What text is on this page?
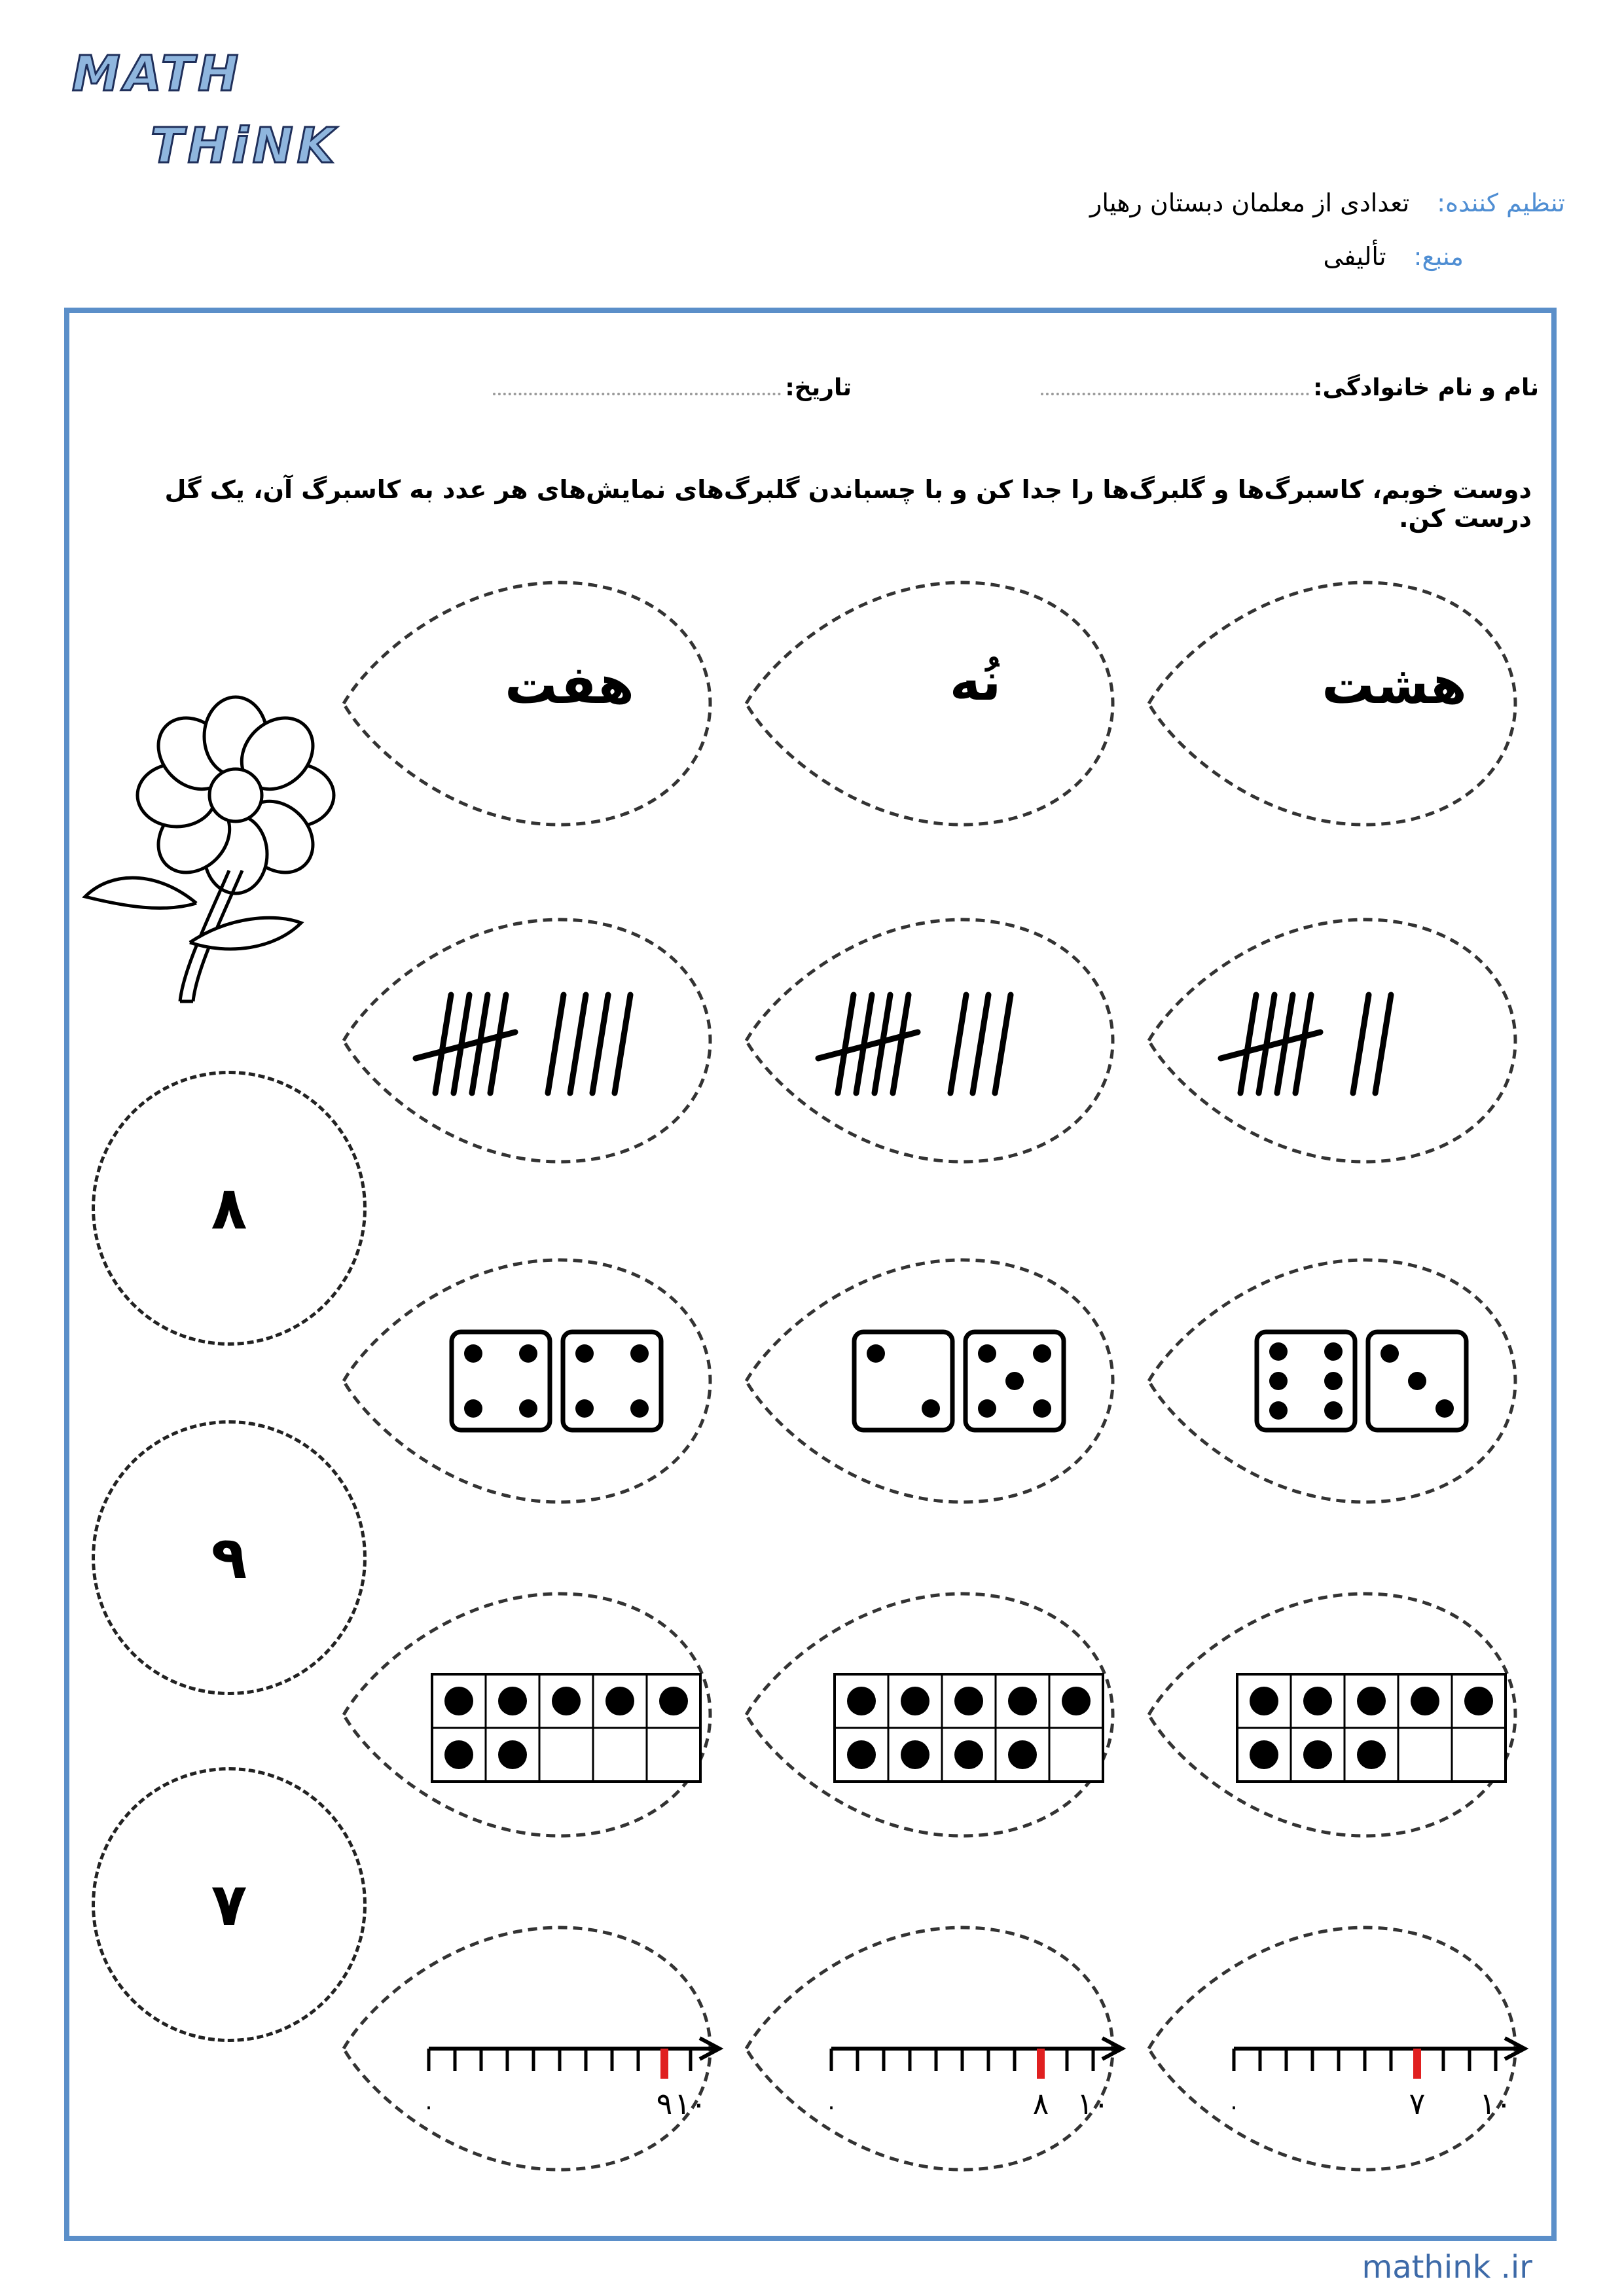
MATH
THiNK
تنظیم کننده: تعدادی از معلمان دبستان رهیار
منبع: تألیفی
نام و نام خانوادگی:
تاریخ:
دوست خوبم، کاسبرگ‌ها و گلبرگ‌ها را جدا کن و با چسباندن گلبرگ‌های نمایش‌های هر عدد به کاسبرگ آن، یک گل درست کن.
۰	۱۰
۷
۰	۱۰
۸
۰	۱۰
۹
هشت
نُه
هفت
۸
۹
۷
mathink .ir
